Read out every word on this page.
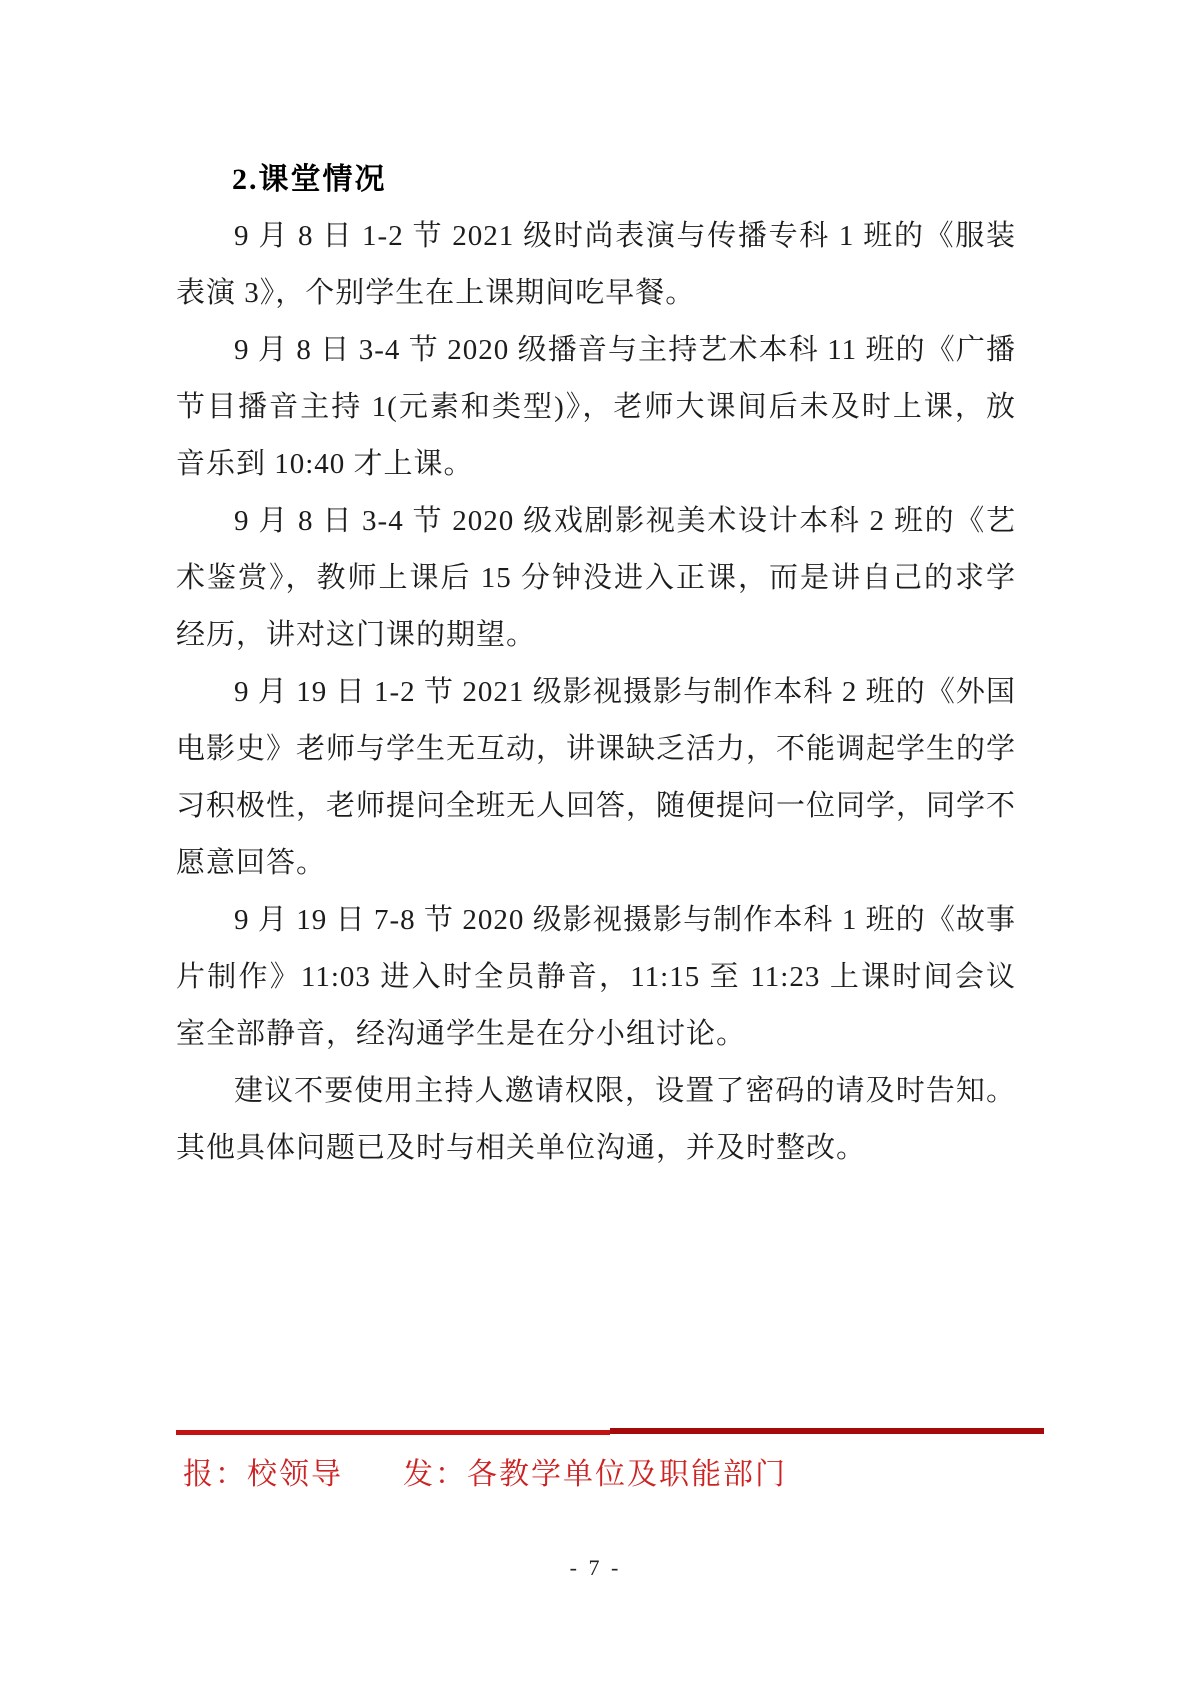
2.课堂情况

9 月 8 日 1-2 节 2021 级时尚表演与传播专科 1 班的《服装表演 3》，个别学生在上课期间吃早餐。

9 月 8 日 3-4 节 2020 级播音与主持艺术本科 11 班的《广播节目播音主持 1(元素和类型)》，老师大课间后未及时上课，放音乐到 10:40 才上课。

9 月 8 日 3-4 节 2020 级戏剧影视美术设计本科 2 班的《艺术鉴赏》，教师上课后 15 分钟没进入正课，而是讲自己的求学经历，讲对这门课的期望。

9 月 19 日 1-2 节 2021 级影视摄影与制作本科 2 班的《外国电影史》老师与学生无互动，讲课缺乏活力，不能调起学生的学习积极性，老师提问全班无人回答，随便提问一位同学，同学不愿意回答。

9 月 19 日 7-8 节 2020 级影视摄影与制作本科 1 班的《故事片制作》11:03 进入时全员静音，11:15 至 11:23 上课时间会议室全部静音，经沟通学生是在分小组讨论。

建议不要使用主持人邀请权限，设置了密码的请及时告知。其他具体问题已及时与相关单位沟通，并及时整改。

报：校领导 发：各教学单位及职能部门
- 7 -
